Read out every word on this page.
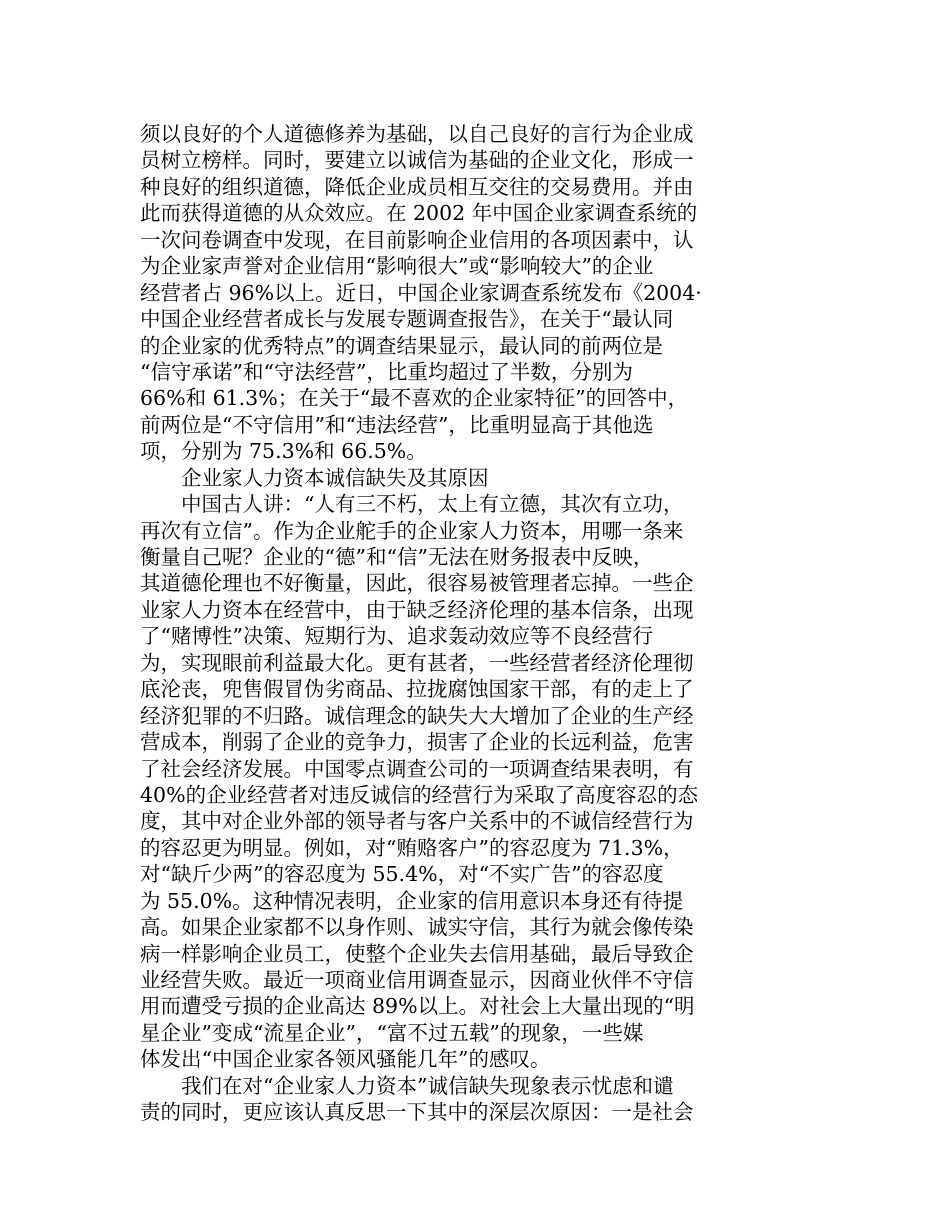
须以良好的个人道德修养为基础，以自己良好的言行为企业成
员树立榜样。同时，要建立以诚信为基础的企业文化，形成一
种良好的组织道德，降低企业成员相互交往的交易费用。并由
此而获得道德的从众效应。在 2002 年中国企业家调查系统的
一次问卷调查中发现，在目前影响企业信用的各项因素中，认
为企业家声誉对企业信用“影响很大”或“影响较大”的企业
经营者占 96%以上。近日，中国企业家调查系统发布《2004·
中国企业经营者成长与发展专题调查报告》，在关于“最认同
的企业家的优秀特点”的调查结果显示，最认同的前两位是
“信守承诺”和“守法经营”，比重均超过了半数，分别为
66%和 61.3%；在关于“最不喜欢的企业家特征”的回答中，
前两位是“不守信用”和“违法经营”，比重明显高于其他选
项，分别为 75.3%和 66.5%。
企业家人力资本诚信缺失及其原因
中国古人讲：“人有三不朽，太上有立德，其次有立功，
再次有立信”。作为企业舵手的企业家人力资本，用哪一条来
衡量自己呢？企业的“德”和“信”无法在财务报表中反映，
其道德伦理也不好衡量，因此，很容易被管理者忘掉。一些企
业家人力资本在经营中，由于缺乏经济伦理的基本信条，出现
了“赌博性”决策、短期行为、追求轰动效应等不良经营行
为，实现眼前利益最大化。更有甚者，一些经营者经济伦理彻
底沦丧，兜售假冒伪劣商品、拉拢腐蚀国家干部，有的走上了
经济犯罪的不归路。诚信理念的缺失大大增加了企业的生产经
营成本，削弱了企业的竞争力，损害了企业的长远利益，危害
了社会经济发展。中国零点调查公司的一项调查结果表明，有
40%的企业经营者对违反诚信的经营行为采取了高度容忍的态
度，其中对企业外部的领导者与客户关系中的不诚信经营行为
的容忍更为明显。例如，对“贿赂客户”的容忍度为 71.3%，
对“缺斤少两”的容忍度为 55.4%，对“不实广告”的容忍度
为 55.0%。这种情况表明，企业家的信用意识本身还有待提
高。如果企业家都不以身作则、诚实守信，其行为就会像传染
病一样影响企业员工，使整个企业失去信用基础，最后导致企
业经营失败。最近一项商业信用调查显示，因商业伙伴不守信
用而遭受亏损的企业高达 89%以上。对社会上大量出现的“明
星企业”变成“流星企业”，“富不过五载”的现象，一些媒
体发出“中国企业家各领风骚能几年”的感叹。
我们在对“企业家人力资本”诚信缺失现象表示忧虑和谴
责的同时，更应该认真反思一下其中的深层次原因：一是社会
